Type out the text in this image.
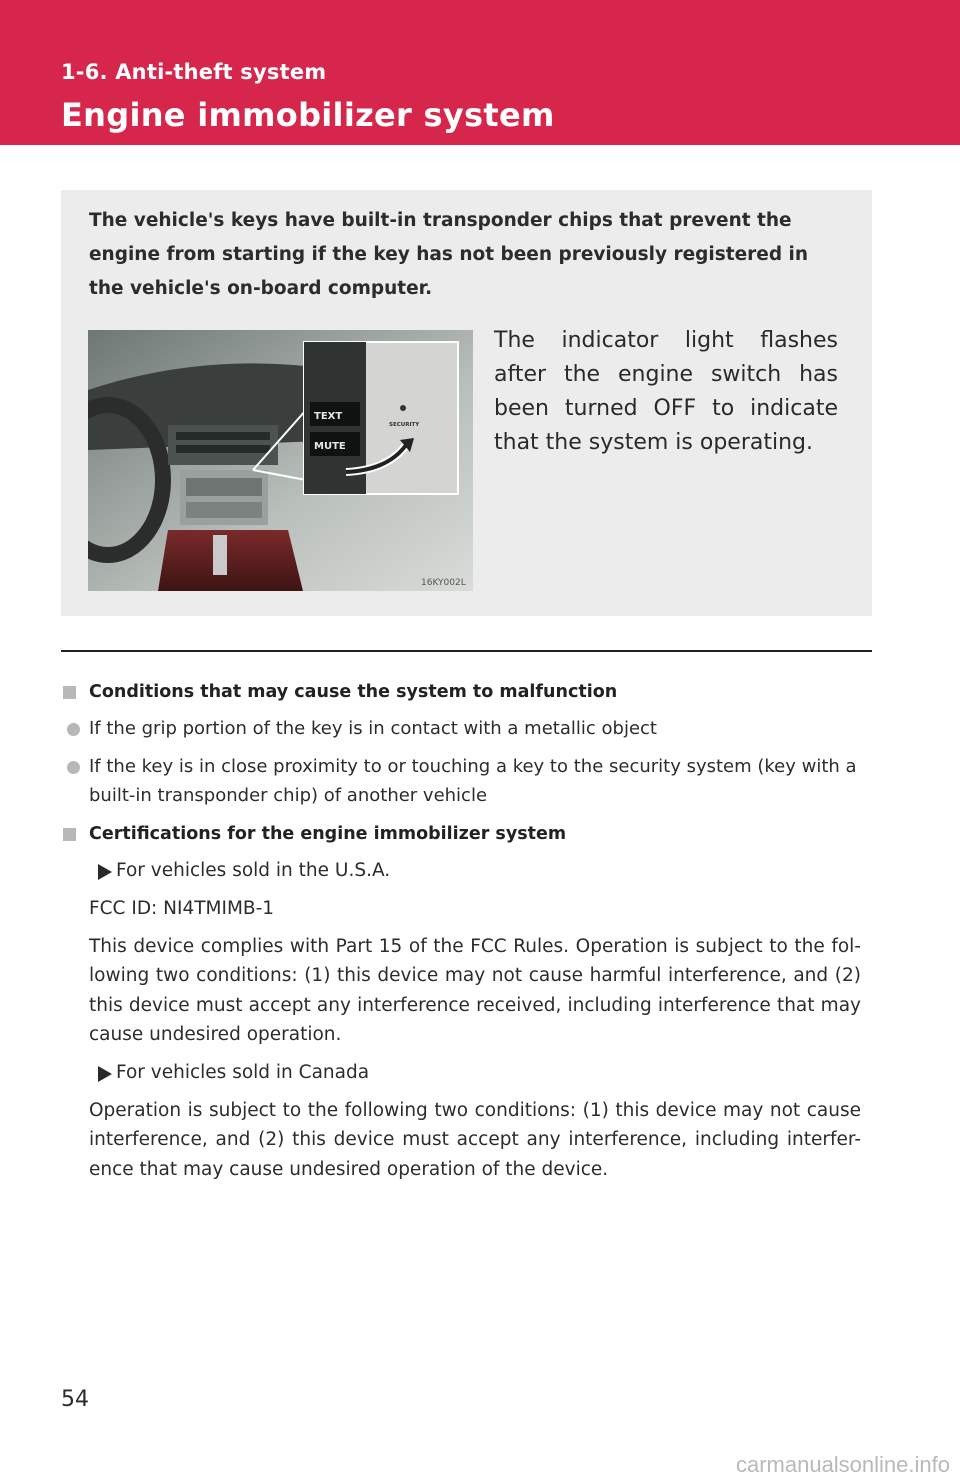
1-6. Anti-theft system
Engine immobilizer system
The vehicle's keys have built-in transponder chips that prevent the engine from starting if the key has not been previously registered in the vehicle's on-board computer.
TEXT
MUTE
SECURITY
16KY002L
The indicator light flashes after the engine switch has been turned OFF to indicate that the system is operating.
Conditions that may cause the system to malfunction
If the grip portion of the key is in contact with a metallic object
If the key is in close proximity to or touching a key to the security system (key with a built-in transponder chip) of another vehicle
Certifications for the engine immobilizer system
For vehicles sold in the U.S.A.
FCC ID: NI4TMIMB-1
This device complies with Part 15 of the FCC Rules. Operation is subject to the fol-lowing two conditions: (1) this device may not cause harmful interference, and (2) this device must accept any interference received, including interference that may cause undesired operation.
For vehicles sold in Canada
Operation is subject to the following two conditions: (1) this device may not cause interference, and (2) this device must accept any interference, including interfer-ence that may cause undesired operation of the device.
54
carmanualsonline.info
